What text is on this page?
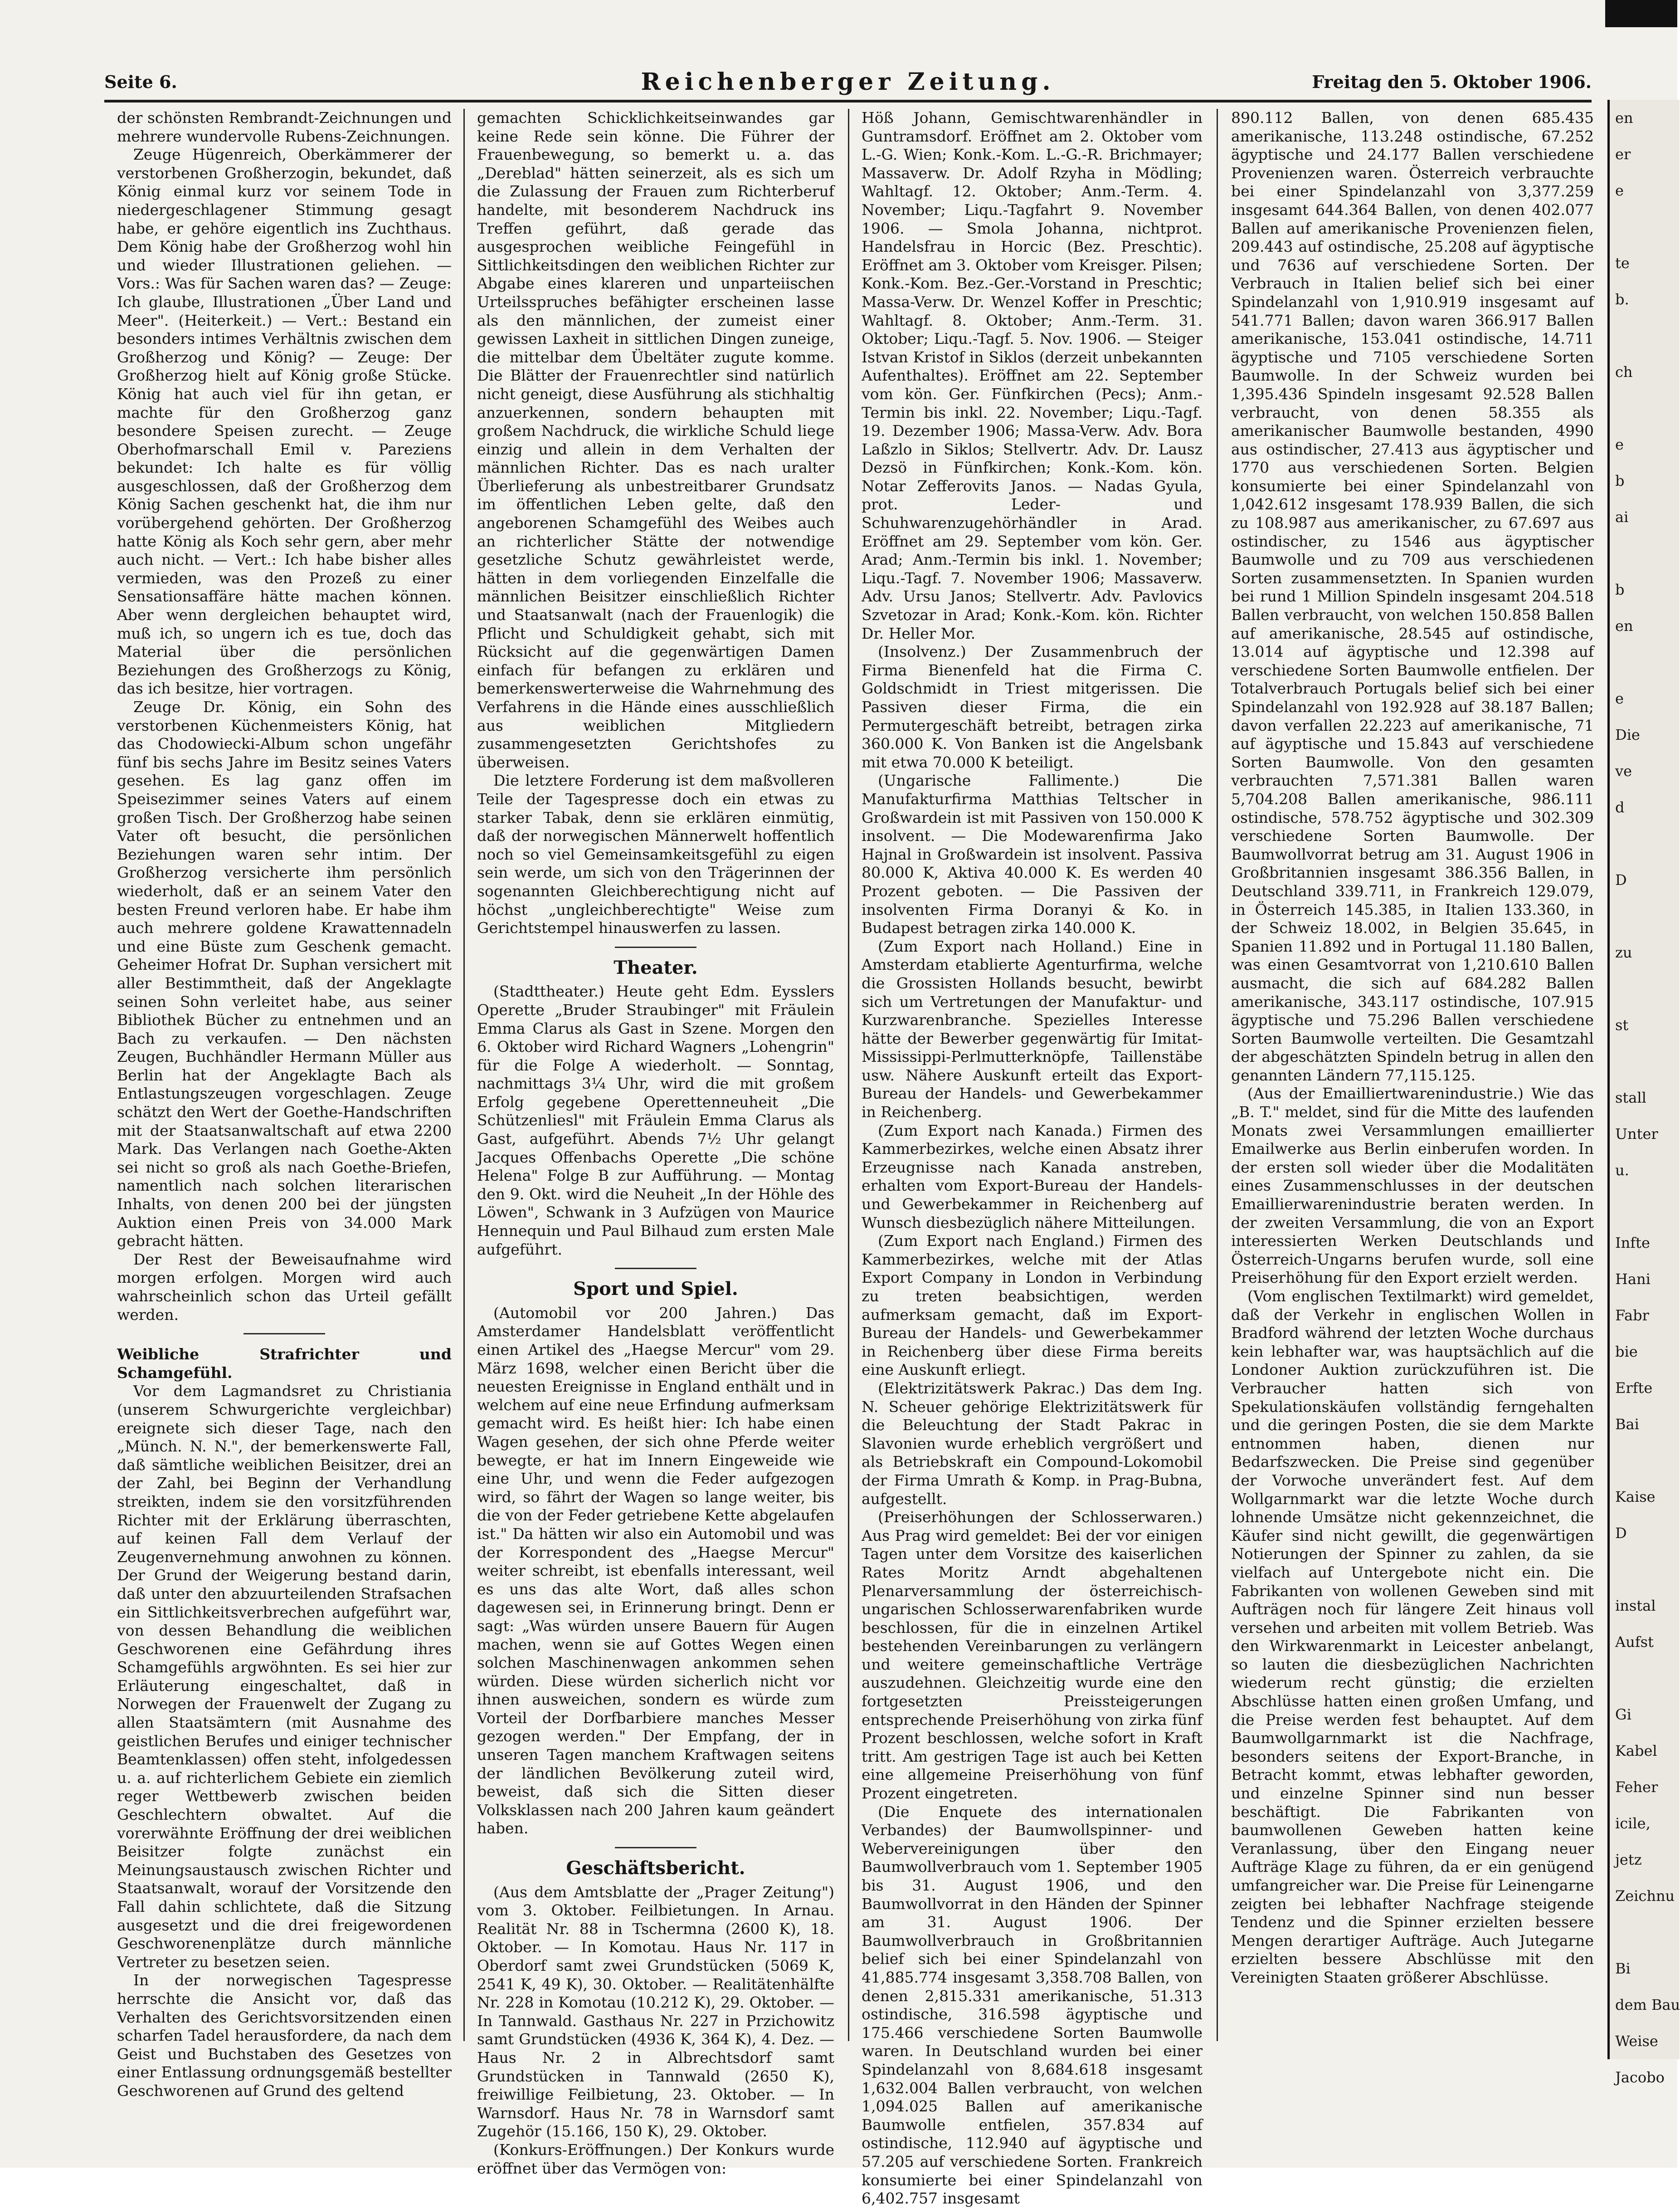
Seite 6.	Reichenberger Zeitung.	Freitag den 5. Oktober 1906.

der schönsten Rembrandt-Zeichnungen und mehrere wundervolle Rubens-Zeichnungen.

Zeuge Hügenreich, Oberkämmerer der verstorbenen Großherzogin, bekundet, daß König einmal kurz vor seinem Tode in niedergeschlagener Stimmung gesagt habe, er gehöre eigentlich ins Zuchthaus. Dem König habe der Großherzog wohl hin und wieder Illustrationen geliehen. — Vors.: Was für Sachen waren das? — Zeuge: Ich glaube, Illustrationen „Über Land und Meer". (Heiterkeit.) — Vert.: Bestand ein besonders intimes Verhältnis zwischen dem Großherzog und König? — Zeuge: Der Großherzog hielt auf König große Stücke. König hat auch viel für ihn getan, er machte für den Großherzog ganz besondere Speisen zurecht. — Zeuge Oberhofmarschall Emil v. Pareziens bekundet: Ich halte es für völlig ausgeschlossen, daß der Großherzog dem König Sachen geschenkt hat, die ihm nur vorübergehend gehörten. Der Großherzog hatte König als Koch sehr gern, aber mehr auch nicht. — Vert.: Ich habe bisher alles vermieden, was den Prozeß zu einer Sensationsaffäre hätte machen können. Aber wenn dergleichen behauptet wird, muß ich, so ungern ich es tue, doch das Material über die persönlichen Beziehungen des Großherzogs zu König, das ich besitze, hier vortragen.

Zeuge Dr. König, ein Sohn des verstorbenen Küchenmeisters König, hat das Chodowiecki-Album schon ungefähr fünf bis sechs Jahre im Besitz seines Vaters gesehen. Es lag ganz offen im Speisezimmer seines Vaters auf einem großen Tisch. Der Großherzog habe seinen Vater oft besucht, die persönlichen Beziehungen waren sehr intim. Der Großherzog versicherte ihm persönlich wiederholt, daß er an seinem Vater den besten Freund verloren habe. Er habe ihm auch mehrere goldene Krawattennadeln und eine Büste zum Geschenk gemacht. Geheimer Hofrat Dr. Suphan versichert mit aller Bestimmtheit, daß der Angeklagte seinen Sohn verleitet habe, aus seiner Bibliothek Bücher zu entnehmen und an Bach zu verkaufen. — Den nächsten Zeugen, Buchhändler Hermann Müller aus Berlin hat der Angeklagte Bach als Entlastungszeugen vorgeschlagen. Zeuge schätzt den Wert der Goethe-Handschriften mit der Staatsanwaltschaft auf etwa 2200 Mark. Das Verlangen nach Goethe-Akten sei nicht so groß als nach Goethe-Briefen, namentlich nach solchen literarischen Inhalts, von denen 200 bei der jüngsten Auktion einen Preis von 34.000 Mark gebracht hätten.

Der Rest der Beweisaufnahme wird morgen erfolgen. Morgen wird auch wahrscheinlich schon das Urteil gefällt werden.

Weibliche Strafrichter und Schamgefühl.

Vor dem Lagmandsret zu Christiania (unserem Schwurgerichte vergleichbar) ereignete sich dieser Tage, nach den „Münch. N. N.", der bemerkenswerte Fall, daß sämtliche weiblichen Beisitzer, drei an der Zahl, bei Beginn der Verhandlung streikten, indem sie den vorsitzführenden Richter mit der Erklärung überraschten, auf keinen Fall dem Verlauf der Zeugenvernehmung anwohnen zu können. Der Grund der Weigerung bestand darin, daß unter den abzuurteilenden Strafsachen ein Sittlichkeitsverbrechen aufgeführt war, von dessen Behandlung die weiblichen Geschworenen eine Gefährdung ihres Schamgefühls argwöhnten. Es sei hier zur Erläuterung eingeschaltet, daß in Norwegen der Frauenwelt der Zugang zu allen Staatsämtern (mit Ausnahme des geistlichen Berufes und einiger technischer Beamtenklassen) offen steht, infolgedessen u. a. auf richterlichem Gebiete ein ziemlich reger Wettbewerb zwischen beiden Geschlechtern obwaltet. Auf die vorerwähnte Eröffnung der drei weiblichen Beisitzer folgte zunächst ein Meinungsaustausch zwischen Richter und Staatsanwalt, worauf der Vorsitzende den Fall dahin schlichtete, daß die Sitzung ausgesetzt und die drei freigewordenen Geschworenenplätze durch männliche Vertreter zu besetzen seien.

In der norwegischen Tagespresse herrschte die Ansicht vor, daß das Verhalten des Gerichtsvorsitzenden einen scharfen Tadel herausfordere, da nach dem Geist und Buchstaben des Gesetzes von einer Entlassung ordnungsgemäß bestellter Geschworenen auf Grund des geltend

gemachten Schicklichkeitseinwandes gar keine Rede sein könne. Die Führer der Frauenbewegung, so bemerkt u. a. das „Dereblad" hätten seinerzeit, als es sich um die Zulassung der Frauen zum Richterberuf handelte, mit besonderem Nachdruck ins Treffen geführt, daß gerade das ausgesprochen weibliche Feingefühl in Sittlichkeitsdingen den weiblichen Richter zur Abgabe eines klareren und unparteiischen Urteilsspruches befähigter erscheinen lasse als den männlichen, der zumeist einer gewissen Laxheit in sittlichen Dingen zuneige, die mittelbar dem Übeltäter zugute komme. Die Blätter der Frauenrechtler sind natürlich nicht geneigt, diese Ausführung als stichhaltig anzuerkennen, sondern behaupten mit großem Nachdruck, die wirkliche Schuld liege einzig und allein in dem Verhalten der männlichen Richter. Das es nach uralter Überlieferung als unbestreitbarer Grundsatz im öffentlichen Leben gelte, daß den angeborenen Schamgefühl des Weibes auch an richterlicher Stätte der notwendige gesetzliche Schutz gewährleistet werde, hätten in dem vorliegenden Einzelfalle die männlichen Beisitzer einschließlich Richter und Staatsanwalt (nach der Frauenlogik) die Pflicht und Schuldigkeit gehabt, sich mit Rücksicht auf die gegenwärtigen Damen einfach für befangen zu erklären und bemerkenswerterweise die Wahrnehmung des Verfahrens in die Hände eines ausschließlich aus weiblichen Mitgliedern zusammengesetzten Gerichtshofes zu überweisen.

Die letztere Forderung ist dem maßvolleren Teile der Tagespresse doch ein etwas zu starker Tabak, denn sie erklären einmütig, daß der norwegischen Männerwelt hoffentlich noch so viel Gemeinsamkeitsgefühl zu eigen sein werde, um sich von den Trägerinnen der sogenannten Gleichberechtigung nicht auf höchst „ungleichberechtigte" Weise zum Gerichtstempel hinauswerfen zu lassen.

Theater.

(Stadttheater.) Heute geht Edm. Eysslers Operette „Bruder Straubinger" mit Fräulein Emma Clarus als Gast in Szene. Morgen den 6. Oktober wird Richard Wagners „Lohengrin" für die Folge A wiederholt. — Sonntag, nachmittags 3¼ Uhr, wird die mit großem Erfolg gegebene Operettenneuheit „Die Schützenliesl" mit Fräulein Emma Clarus als Gast, aufgeführt. Abends 7½ Uhr gelangt Jacques Offenbachs Operette „Die schöne Helena" Folge B zur Aufführung. — Montag den 9. Okt. wird die Neuheit „In der Höhle des Löwen", Schwank in 3 Aufzügen von Maurice Hennequin und Paul Bilhaud zum ersten Male aufgeführt.

Sport und Spiel.

(Automobil vor 200 Jahren.) Das Amsterdamer Handelsblatt veröffentlicht einen Artikel des „Haegse Mercur" vom 29. März 1698, welcher einen Bericht über die neuesten Ereignisse in England enthält und in welchem auf eine neue Erfindung aufmerksam gemacht wird. Es heißt hier: Ich habe einen Wagen gesehen, der sich ohne Pferde weiter bewegte, er hat im Innern Eingeweide wie eine Uhr, und wenn die Feder aufgezogen wird, so fährt der Wagen so lange weiter, bis die von der Feder getriebene Kette abgelaufen ist." Da hätten wir also ein Automobil und was der Korrespondent des „Haegse Mercur" weiter schreibt, ist ebenfalls interessant, weil es uns das alte Wort, daß alles schon dagewesen sei, in Erinnerung bringt. Denn er sagt: „Was würden unsere Bauern für Augen machen, wenn sie auf Gottes Wegen einen solchen Maschinenwagen ankommen sehen würden. Diese würden sicherlich nicht vor ihnen ausweichen, sondern es würde zum Vorteil der Dorfbarbiere manches Messer gezogen werden." Der Empfang, der in unseren Tagen manchem Kraftwagen seitens der ländlichen Bevölkerung zuteil wird, beweist, daß sich die Sitten dieser Volksklassen nach 200 Jahren kaum geändert haben.

Geschäftsbericht.

(Aus dem Amtsblatte der „Prager Zeitung") vom 3. Oktober. Feilbietungen. In Arnau. Realität Nr. 88 in Tschermna (2600 K), 18. Oktober. — In Komotau. Haus Nr. 117 in Oberdorf samt zwei Grundstücken (5069 K, 2541 K, 49 K), 30. Oktober. — Realitätenhälfte Nr. 228 in Komotau (10.212 K), 29. Oktober. — In Tannwald. Gasthaus Nr. 227 in Przichowitz samt Grundstücken (4936 K, 364 K), 4. Dez. — Haus Nr. 2 in Albrechtsdorf samt Grundstücken in Tannwald (2650 K), freiwillige Feilbietung, 23. Oktober. — In Warnsdorf. Haus Nr. 78 in Warnsdorf samt Zugehör (15.166, 150 K), 29. Oktober.

(Konkurs-Eröffnungen.) Der Konkurs wurde eröffnet über das Vermögen von:

Höß Johann, Gemischtwarenhändler in Guntramsdorf. Eröffnet am 2. Oktober vom L.-G. Wien; Konk.-Kom. L.-G.-R. Brichmayer; Massaverw. Dr. Adolf Rzyha in Mödling; Wahltagf. 12. Oktober; Anm.-Term. 4. November; Liqu.-Tagfahrt 9. November 1906. — Smola Johanna, nichtprot. Handelsfrau in Horcic (Bez. Preschtic). Eröffnet am 3. Oktober vom Kreisger. Pilsen; Konk.-Kom. Bez.-Ger.-Vorstand in Preschtic; Massa-Verw. Dr. Wenzel Koffer in Preschtic; Wahltagf. 8. Oktober; Anm.-Term. 31. Oktober; Liqu.-Tagf. 5. Nov. 1906. — Steiger Istvan Kristof in Siklos (derzeit unbekannten Aufenthaltes). Eröffnet am 22. September vom kön. Ger. Fünfkirchen (Pecs); Anm.-Termin bis inkl. 22. November; Liqu.-Tagf. 19. Dezember 1906; Massa-Verw. Adv. Bora Laßzlo in Siklos; Stellvertr. Adv. Dr. Lausz Dezsö in Fünfkirchen; Konk.-Kom. kön. Notar Zefferovits Janos. — Nadas Gyula, prot. Leder- und Schuhwarenzugehörhändler in Arad. Eröffnet am 29. September vom kön. Ger. Arad; Anm.-Termin bis inkl. 1. November; Liqu.-Tagf. 7. November 1906; Massaverw. Adv. Ursu Janos; Stellvertr. Adv. Pavlovics Szvetozar in Arad; Konk.-Kom. kön. Richter Dr. Heller Mor.

(Insolvenz.) Der Zusammenbruch der Firma Bienenfeld hat die Firma C. Goldschmidt in Triest mitgerissen. Die Passiven dieser Firma, die ein Permutergeschäft betreibt, betragen zirka 360.000 K. Von Banken ist die Angelsbank mit etwa 70.000 K beteiligt.

(Ungarische Fallimente.) Die Manufakturfirma Matthias Teltscher in Großwardein ist mit Passiven von 150.000 K insolvent. — Die Modewarenfirma Jako Hajnal in Großwardein ist insolvent. Passiva 80.000 K, Aktiva 40.000 K. Es werden 40 Prozent geboten. — Die Passiven der insolventen Firma Doranyi & Ko. in Budapest betragen zirka 140.000 K.

(Zum Export nach Holland.) Eine in Amsterdam etablierte Agenturfirma, welche die Grossisten Hollands besucht, bewirbt sich um Vertretungen der Manufaktur- und Kurzwarenbranche. Spezielles Interesse hätte der Bewerber gegenwärtig für Imitat-Mississippi-Perlmutterknöpfe, Taillenstäbe usw. Nähere Auskunft erteilt das Export-Bureau der Handels- und Gewerbekammer in Reichenberg.

(Zum Export nach Kanada.) Firmen des Kammerbezirkes, welche einen Absatz ihrer Erzeugnisse nach Kanada anstreben, erhalten vom Export-Bureau der Handels- und Gewerbekammer in Reichenberg auf Wunsch diesbezüglich nähere Mitteilungen.

(Zum Export nach England.) Firmen des Kammerbezirkes, welche mit der Atlas Export Company in London in Verbindung zu treten beabsichtigen, werden aufmerksam gemacht, daß im Export-Bureau der Handels- und Gewerbekammer in Reichenberg über diese Firma bereits eine Auskunft erliegt.

(Elektrizitätswerk Pakrac.) Das dem Ing. N. Scheuer gehörige Elektrizitätswerk für die Beleuchtung der Stadt Pakrac in Slavonien wurde erheblich vergrößert und als Betriebskraft ein Compound-Lokomobil der Firma Umrath & Komp. in Prag-Bubna, aufgestellt.

(Preiserhöhungen der Schlosserwaren.) Aus Prag wird gemeldet: Bei der vor einigen Tagen unter dem Vorsitze des kaiserlichen Rates Moritz Arndt abgehaltenen Plenarversammlung der österreichisch-ungarischen Schlosserwarenfabriken wurde beschlossen, für die in einzelnen Artikel bestehenden Vereinbarungen zu verlängern und weitere gemeinschaftliche Verträge auszudehnen. Gleichzeitig wurde eine den fortgesetzten Preissteigerungen entsprechende Preiserhöhung von zirka fünf Prozent beschlossen, welche sofort in Kraft tritt. Am gestrigen Tage ist auch bei Ketten eine allgemeine Preiserhöhung von fünf Prozent eingetreten.

(Die Enquete des internationalen Verbandes) der Baumwollspinner- und Webervereinigungen über den Baumwollverbrauch vom 1. September 1905 bis 31. August 1906, und den Baumwollvorrat in den Händen der Spinner am 31. August 1906. Der Baumwollverbrauch in Großbritannien belief sich bei einer Spindelanzahl von 41,885.774 insgesamt 3,358.708 Ballen, von denen 2,815.331 amerikanische, 51.313 ostindische, 316.598 ägyptische und 175.466 verschiedene Sorten Baumwolle waren. In Deutschland wurden bei einer Spindelanzahl von 8,684.618 insgesamt 1,632.004 Ballen verbraucht, von welchen 1,094.025 Ballen auf amerikanische Baumwolle entfielen, 357.834 auf ostindische, 112.940 auf ägyptische und 57.205 auf verschiedene Sorten. Frankreich konsumierte bei einer Spindelanzahl von 6,402.757 insgesamt

890.112 Ballen, von denen 685.435 amerikanische, 113.248 ostindische, 67.252 ägyptische und 24.177 Ballen verschiedene Provenienzen waren. Österreich verbrauchte bei einer Spindelanzahl von 3,377.259 insgesamt 644.364 Ballen, von denen 402.077 Ballen auf amerikanische Provenienzen fielen, 209.443 auf ostindische, 25.208 auf ägyptische und 7636 auf verschiedene Sorten. Der Verbrauch in Italien belief sich bei einer Spindelanzahl von 1,910.919 insgesamt auf 541.771 Ballen; davon waren 366.917 Ballen amerikanische, 153.041 ostindische, 14.711 ägyptische und 7105 verschiedene Sorten Baumwolle. In der Schweiz wurden bei 1,395.436 Spindeln insgesamt 92.528 Ballen verbraucht, von denen 58.355 als amerikanischer Baumwolle bestanden, 4990 aus ostindischer, 27.413 aus ägyptischer und 1770 aus verschiedenen Sorten. Belgien konsumierte bei einer Spindelanzahl von 1,042.612 insgesamt 178.939 Ballen, die sich zu 108.987 aus amerikanischer, zu 67.697 aus ostindischer, zu 1546 aus ägyptischer Baumwolle und zu 709 aus verschiedenen Sorten zusammensetzten. In Spanien wurden bei rund 1 Million Spindeln insgesamt 204.518 Ballen verbraucht, von welchen 150.858 Ballen auf amerikanische, 28.545 auf ostindische, 13.014 auf ägyptische und 12.398 auf verschiedene Sorten Baumwolle entfielen. Der Totalverbrauch Portugals belief sich bei einer Spindelanzahl von 192.928 auf 38.187 Ballen; davon verfallen 22.223 auf amerikanische, 71 auf ägyptische und 15.843 auf verschiedene Sorten Baumwolle. Von den gesamten verbrauchten 7,571.381 Ballen waren 5,704.208 Ballen amerikanische, 986.111 ostindische, 578.752 ägyptische und 302.309 verschiedene Sorten Baumwolle. Der Baumwollvorrat betrug am 31. August 1906 in Großbritannien insgesamt 386.356 Ballen, in Deutschland 339.711, in Frankreich 129.079, in Österreich 145.385, in Italien 133.360, in der Schweiz 18.002, in Belgien 35.645, in Spanien 11.892 und in Portugal 11.180 Ballen, was einen Gesamtvorrat von 1,210.610 Ballen ausmacht, die sich auf 684.282 Ballen amerikanische, 343.117 ostindische, 107.915 ägyptische und 75.296 Ballen verschiedene Sorten Baumwolle verteilten. Die Gesamtzahl der abgeschätzten Spindeln betrug in allen den genannten Ländern 77,115.125.

(Aus der Emailliertwarenindustrie.) Wie das „B. T." meldet, sind für die Mitte des laufenden Monats zwei Versammlungen emaillierter Emailwerke aus Berlin einberufen worden. In der ersten soll wieder über die Modalitäten eines Zusammenschlusses in der deutschen Emaillierwarenindustrie beraten werden. In der zweiten Versammlung, die von an Export interessierten Werken Deutschlands und Österreich-Ungarns berufen wurde, soll eine Preiserhöhung für den Export erzielt werden.

(Vom englischen Textilmarkt) wird gemeldet, daß der Verkehr in englischen Wollen in Bradford während der letzten Woche durchaus kein lebhafter war, was hauptsächlich auf die Londoner Auktion zurückzuführen ist. Die Verbraucher hatten sich von Spekulationskäufen vollständig ferngehalten und die geringen Posten, die sie dem Markte entnommen haben, dienen nur Bedarfszwecken. Die Preise sind gegenüber der Vorwoche unverändert fest. Auf dem Wollgarnmarkt war die letzte Woche durch lohnende Umsätze nicht gekennzeichnet, die Käufer sind nicht gewillt, die gegenwärtigen Notierungen der Spinner zu zahlen, da sie vielfach auf Untergebote nicht ein. Die Fabrikanten von wollenen Geweben sind mit Aufträgen noch für längere Zeit hinaus voll versehen und arbeiten mit vollem Betrieb. Was den Wirkwarenmarkt in Leicester anbelangt, so lauten die diesbezüglichen Nachrichten wiederum recht günstig; die erzielten Abschlüsse hatten einen großen Umfang, und die Preise werden fest behauptet. Auf dem Baumwollgarnmarkt ist die Nachfrage, besonders seitens der Export-Branche, in Betracht kommt, etwas lebhafter geworden, und einzelne Spinner sind nun besser beschäftigt. Die Fabrikanten von baumwollenen Geweben hatten keine Veranlassung, über den Eingang neuer Aufträge Klage zu führen, da er ein genügend umfangreicher war. Die Preise für Leinengarne zeigten bei lebhafter Nachfrage steigende Tendenz und die Spinner erzielten bessere Mengen derartiger Aufträge. Auch Jutegarne erzielten bessere Abschlüsse mit den Vereinigten Staaten größerer Abschlüsse.

en
er
e
te
b.
ch
e
b
ai
b
en
e
Die
ve
d
D
zu
st
stall
Unter
u.
Infte
Hani
Fabr
bie
Erfte
Bai
Kaise
D
instal
Aufst
Gi
Kabel
Feher
icile,
jetz
Zeichnu
Bi
dem Bau
Weise
Jacobo
